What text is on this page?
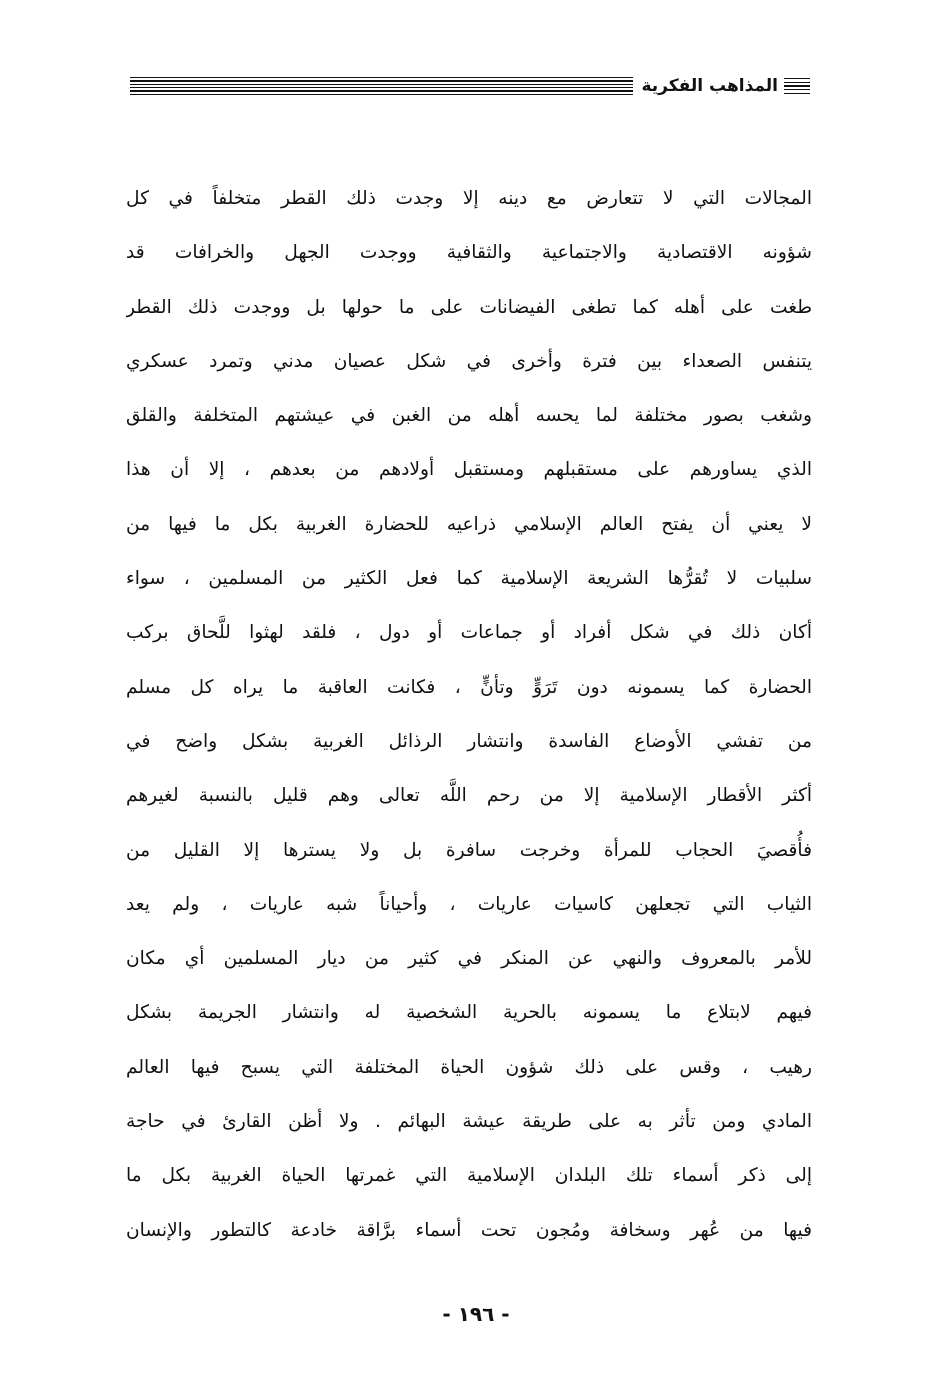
المذاهب الفكرية
المجالات التي لا تتعارض مع دينه إلا وجدت ذلك القطر متخلفاً في كل
شؤونه الاقتصادية والاجتماعية والثقافية ووجدت الجهل والخرافات قد
طغت على أهله كما تطغى الفيضانات على ما حولها بل ووجدت ذلك القطر
يتنفس الصعداء بين فترة وأخرى في شكل عصيان مدني وتمرد عسكري
وشغب بصور مختلفة لما يحسه أهله من الغبن في عيشتهم المتخلفة والقلق
الذي يساورهم على مستقبلهم ومستقبل أولادهم من بعدهم ، إلا أن هذا
لا يعني أن يفتح العالم الإسلامي ذراعيه للحضارة الغربية بكل ما فيها من
سلبيات لا تُقرُّها الشريعة الإسلامية كما فعل الكثير من المسلمين ، سواء
أكان ذلك في شكل أفراد أو جماعات أو دول ، فلقد لهثوا للَّحاق بركب
الحضارة كما يسمونه دون تَرَوٍّ وتأنٍّ ، فكانت العاقبة ما يراه كل مسلم
من تفشي الأوضاع الفاسدة وانتشار الرذائل الغربية بشكل واضح في
أكثر الأقطار الإسلامية إلا من رحم اللَّه تعالى وهم قليل بالنسبة لغيرهم
فأُقصيَ الحجاب للمرأة وخرجت سافرة بل ولا يسترها إلا القليل من
الثياب التي تجعلهن كاسيات عاريات ، وأحياناً شبه عاريات ، ولم يعد
للأمر بالمعروف والنهي عن المنكر في كثير من ديار المسلمين أي مكان
فيهم لابتلاع ما يسمونه بالحرية الشخصية له وانتشار الجريمة بشكل
رهيب ، وقس على ذلك شؤون الحياة المختلفة التي يسبح فيها العالم
المادي ومن تأثر به على طريقة عيشة البهائم . ولا أظن القارئ في حاجة
إلى ذكر أسماء تلك البلدان الإسلامية التي غمرتها الحياة الغربية بكل ما
فيها من عُهر وسخافة ومُجون تحت أسماء برَّاقة خادعة كالتطور والإنسان
- ١٩٦ -
